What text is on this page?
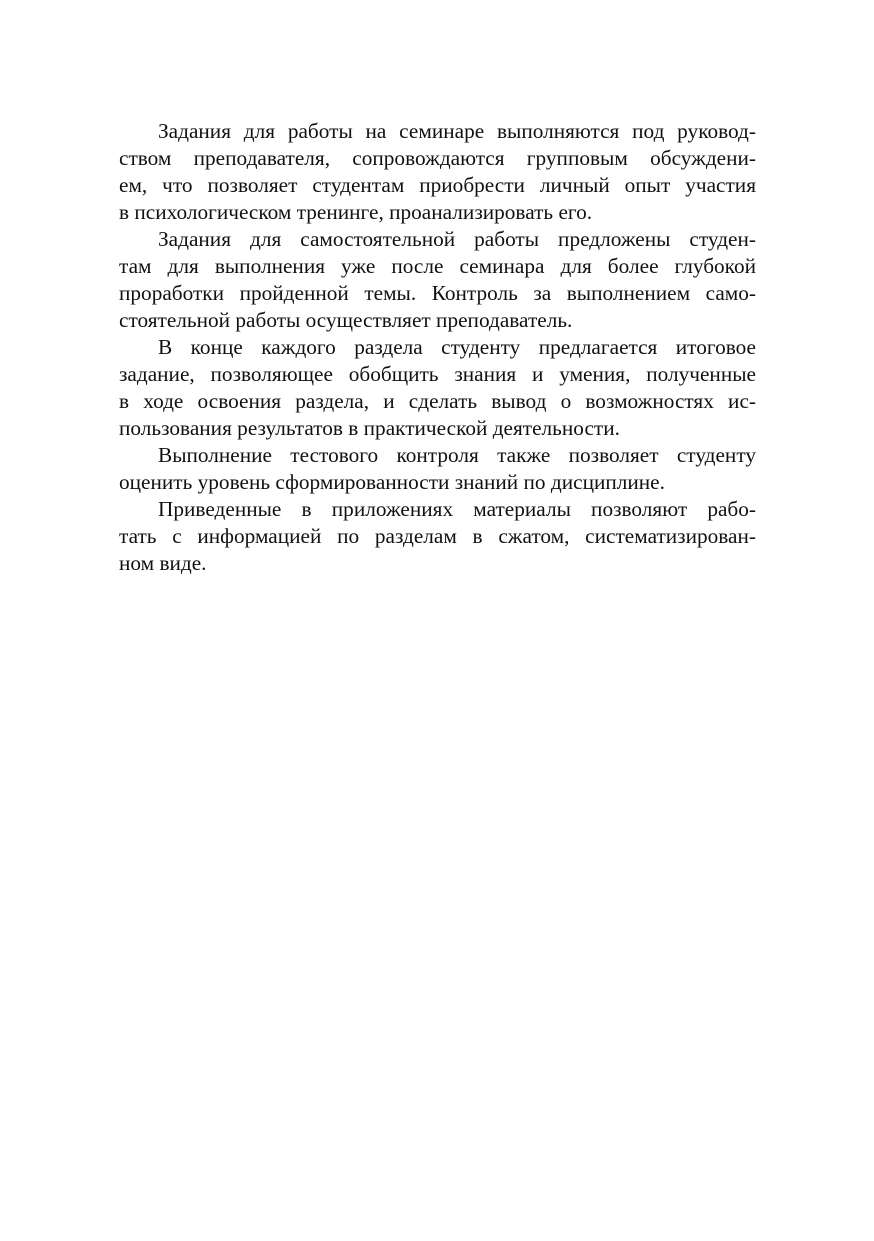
Задания для работы на семинаре выполняются под руковод-
ством преподавателя, сопровождаются групповым обсуждени-
ем, что позволяет студентам приобрести личный опыт участия
в психологическом тренинге, проанализировать его.
Задания для самостоятельной работы предложены студен-
там для выполнения уже после семинара для более глубокой
проработки пройденной темы. Контроль за выполнением само-
стоятельной работы осуществляет преподаватель.
В конце каждого раздела студенту предлагается итоговое
задание, позволяющее обобщить знания и умения, полученные
в ходе освоения раздела, и сделать вывод о возможностях ис-
пользования результатов в практической деятельности.
Выполнение тестового контроля также позволяет студенту
оценить уровень сформированности знаний по дисциплине.
Приведенные в приложениях материалы позволяют рабо-
тать с информацией по разделам в сжатом, систематизирован-
ном виде.
